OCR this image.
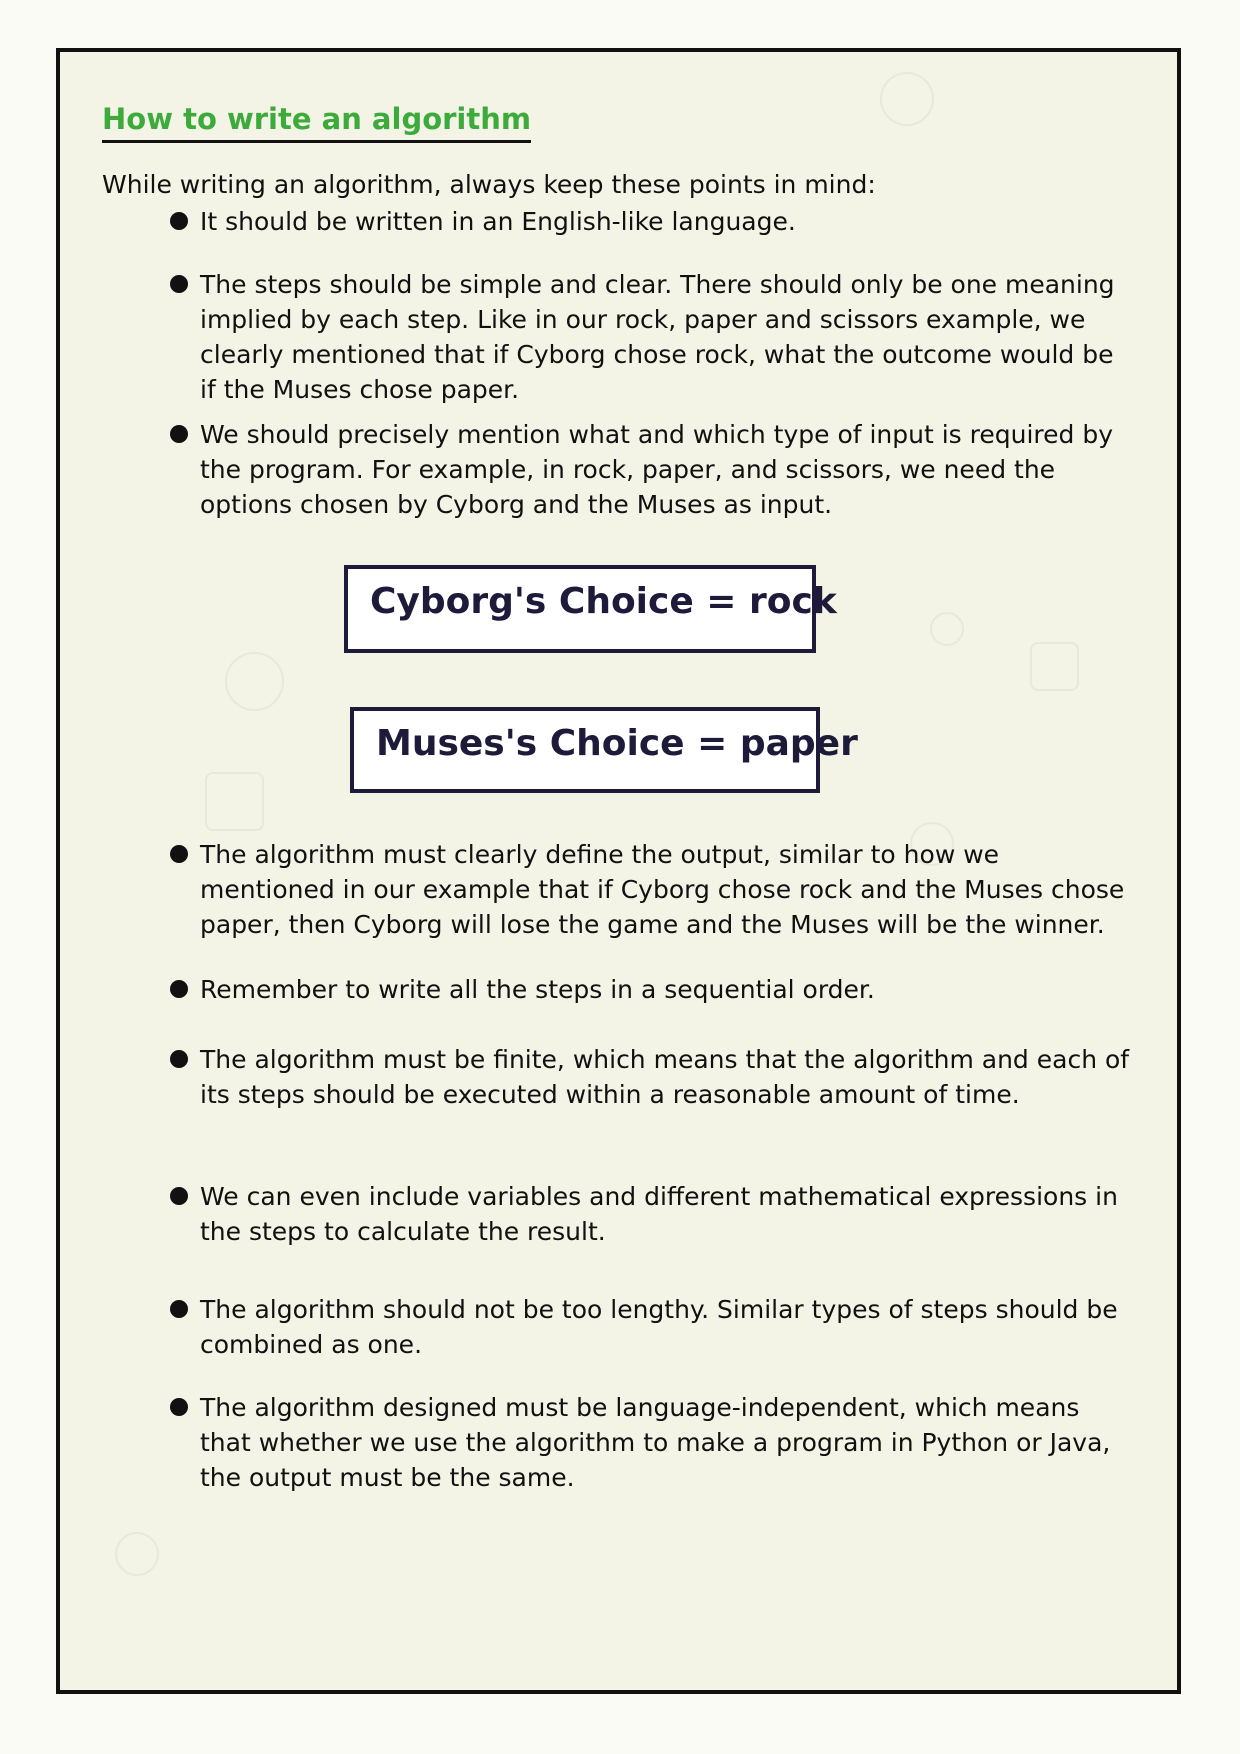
How to write an algorithm
While writing an algorithm, always keep these points in mind:
It should be written in an English-like language.
The steps should be simple and clear. There should only be one meaning implied by each step. Like in our rock, paper and scissors example, we clearly mentioned that if Cyborg chose rock, what the outcome would be if the Muses chose paper.
We should precisely mention what and which type of input is required by the program. For example, in rock, paper, and scissors, we need the options chosen by Cyborg and the Muses as input.
Cyborg's Choice = rock
Muses's Choice = paper
The algorithm must clearly define the output, similar to how we mentioned in our example that if Cyborg chose rock and the Muses chose paper, then Cyborg will lose the game and the Muses will be the winner.
Remember to write all the steps in a sequential order.
The algorithm must be finite, which means that the algorithm and each of its steps should be executed within a reasonable amount of time.
We can even include variables and different mathematical expressions in the steps to calculate the result.
The algorithm should not be too lengthy. Similar types of steps should be combined as one.
The algorithm designed must be language-independent, which means that whether we use the algorithm to make a program in Python or Java, the output must be the same.
